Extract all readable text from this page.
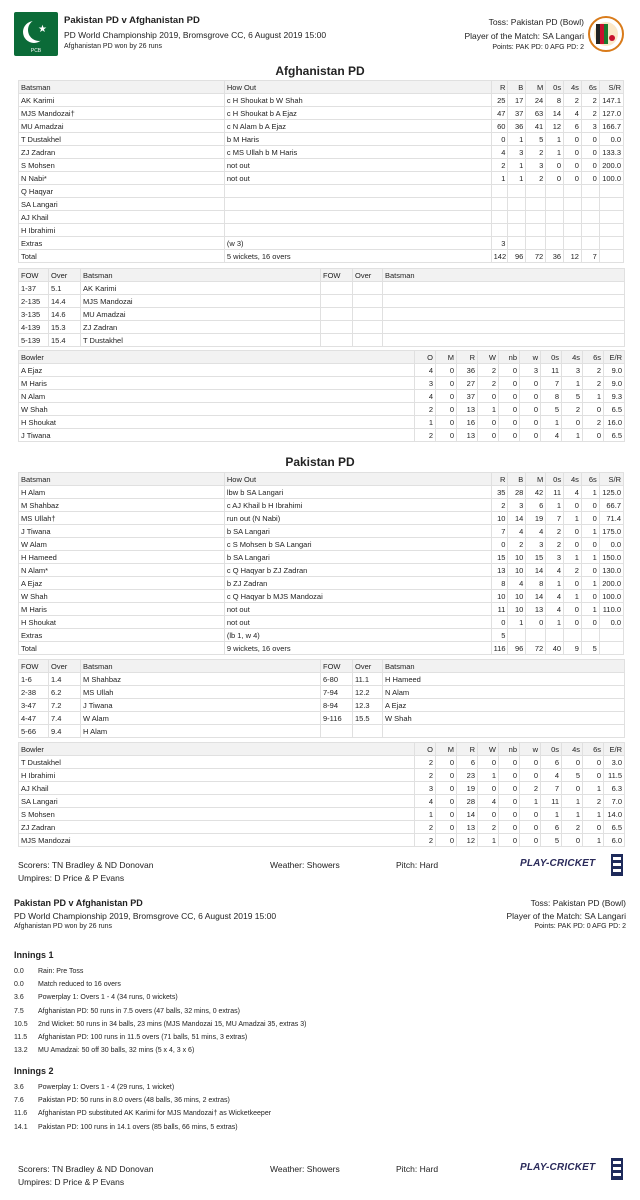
★
PCB
Pakistan PD v Afghanistan PD
PD World Championship 2019, Bromsgrove CC, 6 August 2019 15:00
Afghanistan PD won by 26 runs
Toss: Pakistan PD (Bowl)
Player of the Match: SA Langari
Points: PAK PD: 0 AFG PD: 2
Afghanistan PD
Batsman	How Out	R	B	M	0s	4s	6s	S/R
AK Karimi	c H Shoukat b W Shah	25	17	24	8	2	2	147.1
MJS Mandozai†	c H Shoukat b A Ejaz	47	37	63	14	4	2	127.0
MU Amadzai	c N Alam b A Ejaz	60	36	41	12	6	3	166.7
T Dustakhel	b M Haris	0	1	5	1	0	0	0.0
ZJ Zadran	c MS Ullah b M Haris	4	3	2	1	0	0	133.3
S Mohsen	not out	2	1	3	0	0	0	200.0
N Nabi*	not out	1	1	2	0	0	0	100.0
Q Haqyar								
SA Langari								
AJ Khail								
H Ibrahimi								
Extras	(w 3)	3						
Total	5 wickets, 16 overs	142	96	72	36	12	7	
FOW	Over	Batsman	FOW	Over	Batsman
1-37	5.1	AK Karimi			
2-135	14.4	MJS Mandozai			
3-135	14.6	MU Amadzai			
4-139	15.3	ZJ Zadran			
5-139	15.4	T Dustakhel			
Bowler	O	M	R	W	nb	w	0s	4s	6s	E/R
A Ejaz	4	0	36	2	0	3	11	3	2	9.0
M Haris	3	0	27	2	0	0	7	1	2	9.0
N Alam	4	0	37	0	0	0	8	5	1	9.3
W Shah	2	0	13	1	0	0	5	2	0	6.5
H Shoukat	1	0	16	0	0	0	1	0	2	16.0
J Tiwana	2	0	13	0	0	0	4	1	0	6.5
Pakistan PD
Batsman	How Out	R	B	M	0s	4s	6s	S/R
H Alam	lbw b SA Langari	35	28	42	11	4	1	125.0
M Shahbaz	c AJ Khail b H Ibrahimi	2	3	6	1	0	0	66.7
MS Ullah†	run out (N Nabi)	10	14	19	7	1	0	71.4
J Tiwana	b SA Langari	7	4	4	2	0	1	175.0
W Alam	c S Mohsen b SA Langari	0	2	3	2	0	0	0.0
H Hameed	b SA Langari	15	10	15	3	1	1	150.0
N Alam*	c Q Haqyar b ZJ Zadran	13	10	14	4	2	0	130.0
A Ejaz	b ZJ Zadran	8	4	8	1	0	1	200.0
W Shah	c Q Haqyar b MJS Mandozai	10	10	14	4	1	0	100.0
M Haris	not out	11	10	13	4	0	1	110.0
H Shoukat	not out	0	1	0	1	0	0	0.0
Extras	(lb 1, w 4)	5						
Total	9 wickets, 16 overs	116	96	72	40	9	5	
FOW	Over	Batsman	FOW	Over	Batsman
1-6	1.4	M Shahbaz	6-80	11.1	H Hameed
2-38	6.2	MS Ullah	7-94	12.2	N Alam
3-47	7.2	J Tiwana	8-94	12.3	A Ejaz
4-47	7.4	W Alam	9-116	15.5	W Shah
5-66	9.4	H Alam			
Bowler	O	M	R	W	nb	w	0s	4s	6s	E/R
T Dustakhel	2	0	6	0	0	0	6	0	0	3.0
H Ibrahimi	2	0	23	1	0	0	4	5	0	11.5
AJ Khail	3	0	19	0	0	2	7	0	1	6.3
SA Langari	4	0	28	4	0	1	11	1	2	7.0
S Mohsen	1	0	14	0	0	0	1	1	1	14.0
ZJ Zadran	2	0	13	2	0	0	6	2	0	6.5
MJS Mandozai	2	0	12	1	0	0	5	0	1	6.0
Scorers: TN Bradley & ND Donovan
Umpires: D Price & P Evans
Weather: Showers	Pitch: Hard	PLAY-CRICKET
Pakistan PD v Afghanistan PD
PD World Championship 2019, Bromsgrove CC, 6 August 2019 15:00
Afghanistan PD won by 26 runs
Toss: Pakistan PD (Bowl)
Player of the Match: SA Langari
Points: PAK PD: 0 AFG PD: 2
Innings 1
0.0	Rain: Pre Toss
0.0	Match reduced to 16 overs
3.6	Powerplay 1: Overs 1 - 4 (34 runs, 0 wickets)
7.5	Afghanistan PD: 50 runs in 7.5 overs (47 balls, 32 mins, 0 extras)
10.5	2nd Wicket: 50 runs in 34 balls, 23 mins (MJS Mandozai 15, MU Amadzai 35, extras 3)
11.5	Afghanistan PD: 100 runs in 11.5 overs (71 balls, 51 mins, 3 extras)
13.2	MU Amadzai: 50 off 30 balls, 32 mins (5 x 4, 3 x 6)
Innings 2
3.6	Powerplay 1: Overs 1 - 4 (29 runs, 1 wicket)
7.6	Pakistan PD: 50 runs in 8.0 overs (48 balls, 36 mins, 2 extras)
11.6	Afghanistan PD substituted AK Karimi for MJS Mandozai† as Wicketkeeper
14.1	Pakistan PD: 100 runs in 14.1 overs (85 balls, 66 mins, 5 extras)
Scorers: TN Bradley & ND Donovan
Umpires: D Price & P Evans
Weather: Showers	Pitch: Hard	PLAY-CRICKET
